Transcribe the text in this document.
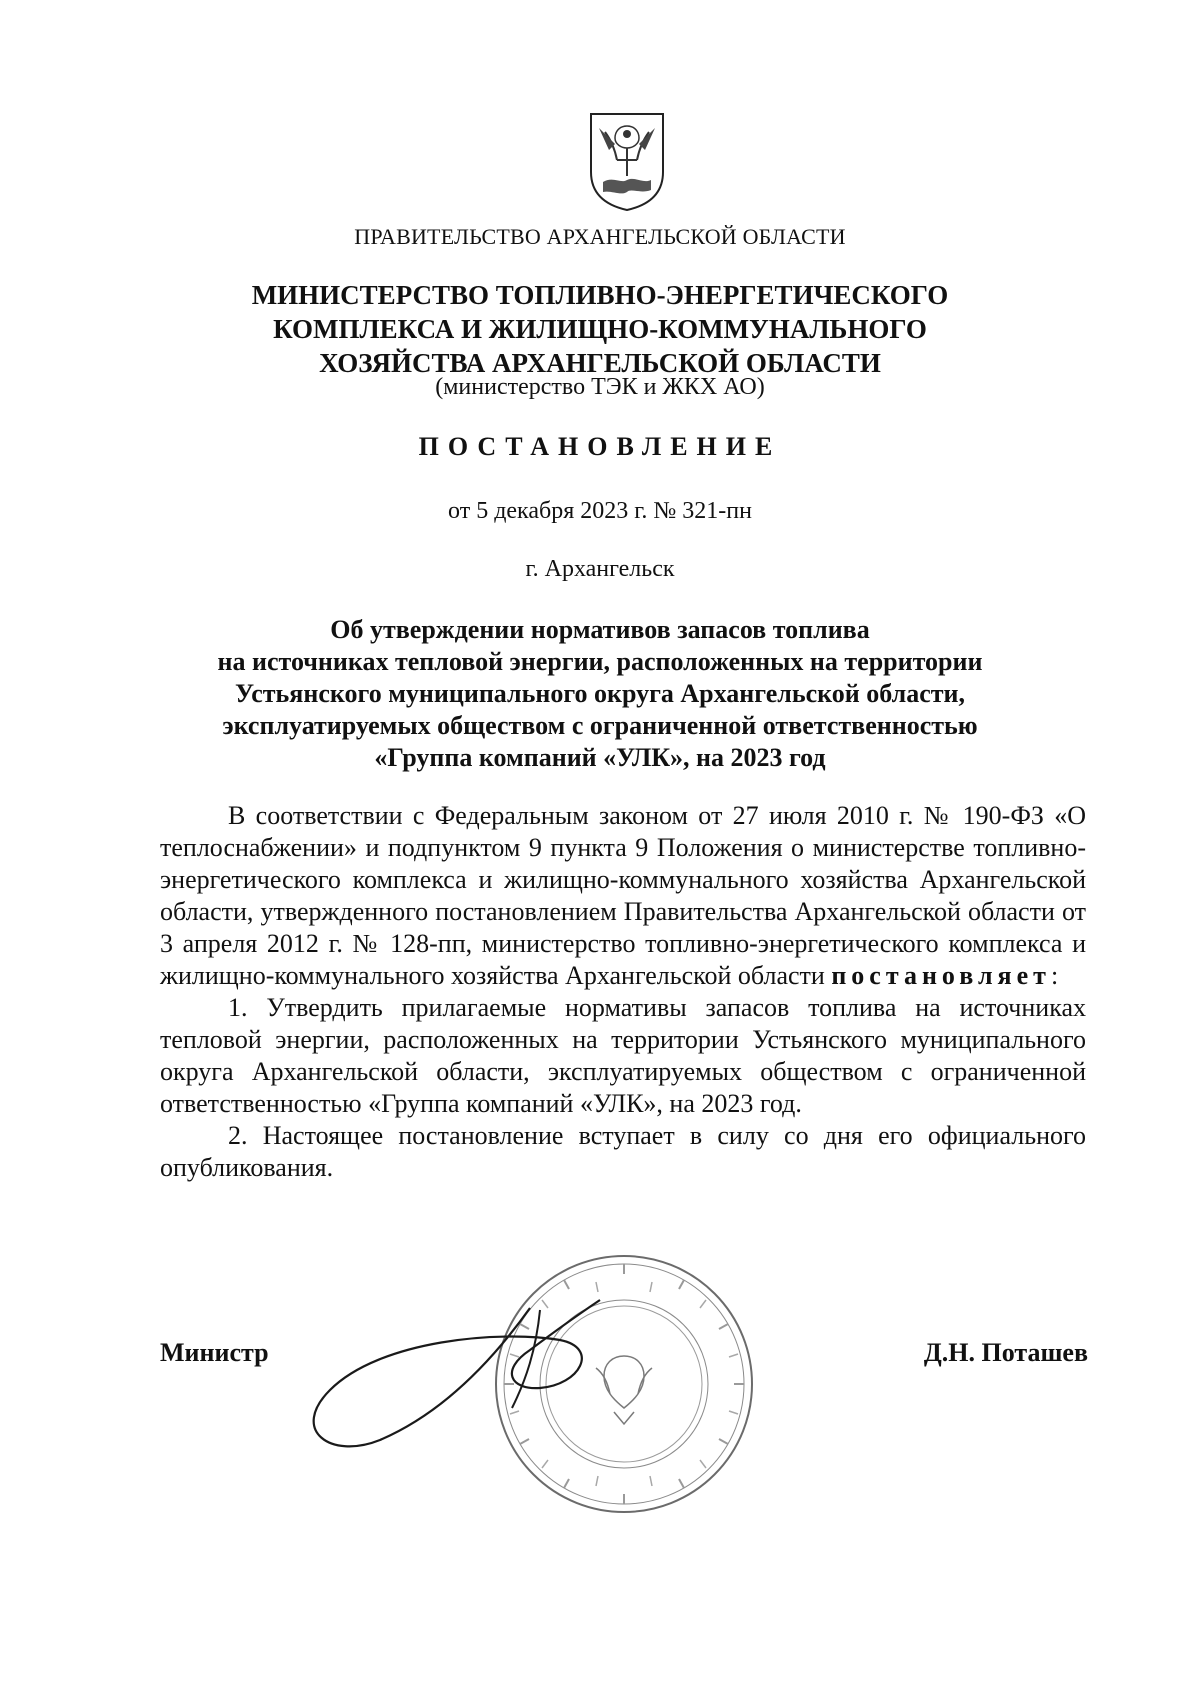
ПРАВИТЕЛЬСТВО АРХАНГЕЛЬСКОЙ ОБЛАСТИ
МИНИСТЕРСТВО ТОПЛИВНО-ЭНЕРГЕТИЧЕСКОГО
КОМПЛЕКСА И ЖИЛИЩНО-КОММУНАЛЬНОГО
ХОЗЯЙСТВА АРХАНГЕЛЬСКОЙ ОБЛАСТИ
(министерство ТЭК и ЖКХ АО)
ПОСТАНОВЛЕНИЕ
от 5 декабря 2023 г. № 321-пн
г. Архангельск
Об утверждении нормативов запасов топлива
на источниках тепловой энергии, расположенных на территории
Устьянского муниципального округа Архангельской области,
эксплуатируемых обществом с ограниченной ответственностью
«Группа компаний «УЛК», на 2023 год

В соответствии с Федеральным законом от 27 июля 2010 г. № 190-ФЗ «О теплоснабжении» и подпунктом 9 пункта 9 Положения о министерстве топливно-энергетического комплекса и жилищно-коммунального хозяйства Архангельской области, утвержденного постановлением Правительства Архангельской области от 3 апреля 2012 г. № 128-пп, министерство топливно-энергетического комплекса и жилищно-коммунального хозяйства Архангельской области постановляет:

1. Утвердить прилагаемые нормативы запасов топлива на источниках тепловой энергии, расположенных на территории Устьянского муниципального округа Архангельской области, эксплуатируемых обществом с ограниченной ответственностью «Группа компаний «УЛК», на 2023 год.

2. Настоящее постановление вступает в силу со дня его официального опубликования.

Министр	Д.Н. Поташев
